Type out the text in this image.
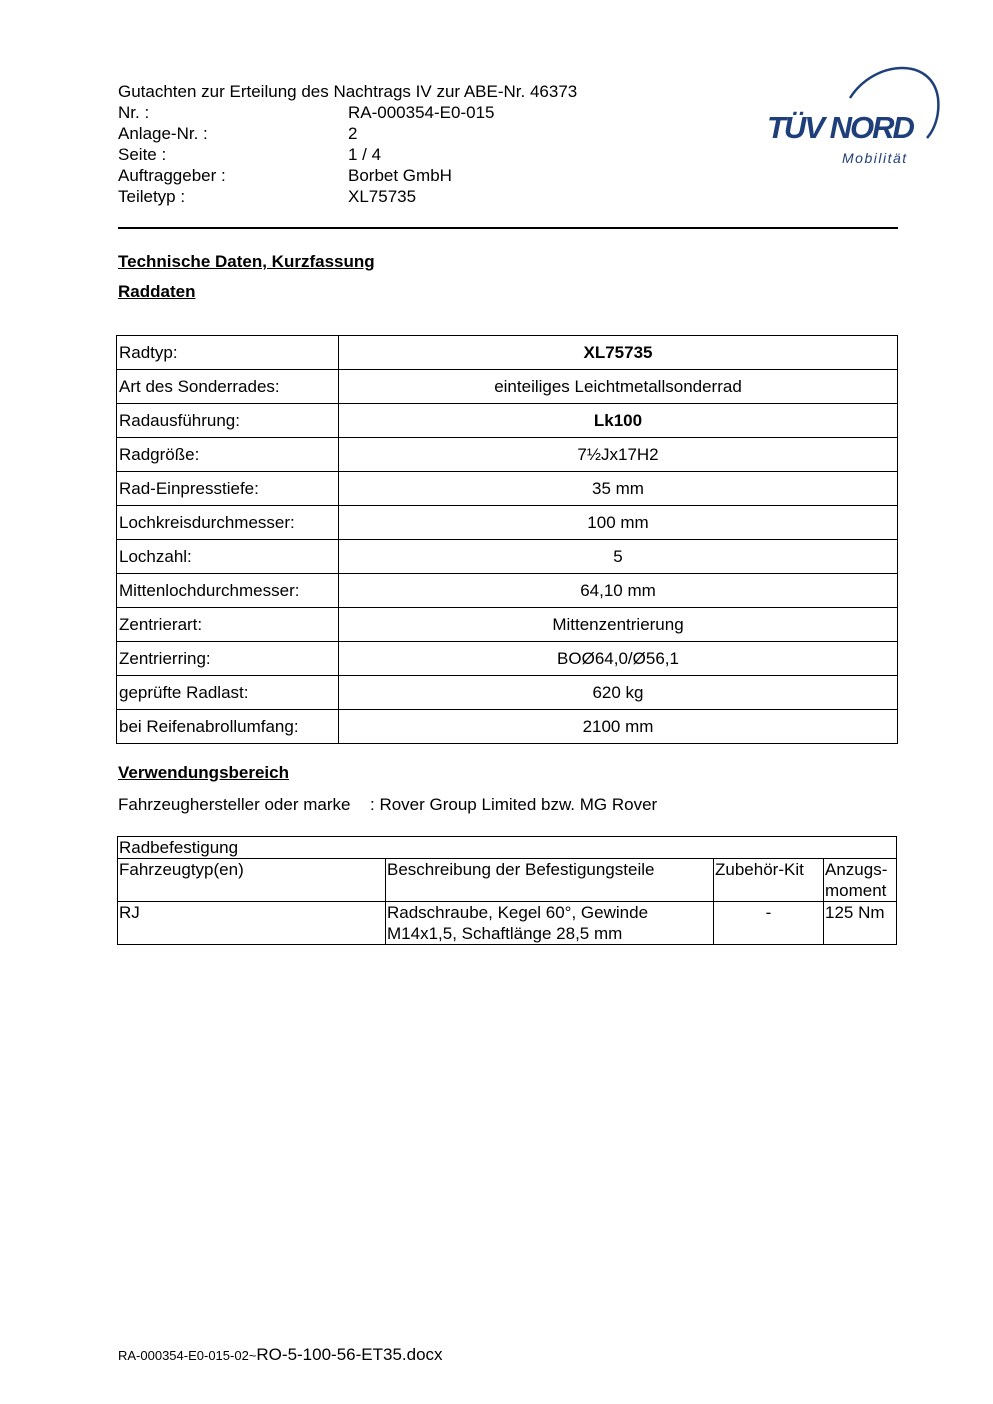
Gutachten zur Erteilung des Nachtrags IV zur ABE-Nr. 46373
Nr. :	RA-000354-E0-015
Anlage-Nr. :	2
Seite :	1 / 4
Auftraggeber :	Borbet GmbH
Teiletyp :	XL75735
TÜV NORD
Mobilität
Technische Daten, Kurzfassung
Raddaten
Radtyp:	XL75735
Art des Sonderrades:	einteiliges Leichtmetallsonderrad
Radausführung:	Lk100
Radgröße:	7½Jx17H2
Rad-Einpresstiefe:	35 mm
Lochkreisdurchmesser:	100 mm
Lochzahl:	5
Mittenlochdurchmesser:	64,10 mm
Zentrierart:	Mittenzentrierung
Zentrierring:	BOØ64,0/Ø56,1
geprüfte Radlast:	620 kg
bei Reifenabrollumfang:	2100 mm
Verwendungsbereich
Fahrzeughersteller oder marke	: Rover Group Limited bzw. MG Rover
Radbefestigung			
Fahrzeugtyp(en)	Beschreibung der Befestigungsteile	Zubehör-Kit	Anzugs-
moment
RJ	Radschraube, Kegel 60°, Gewinde M14x1,5, Schaftlänge 28,5 mm	-	125 Nm
RA-000354-E0-015-02~RO-5-100-56-ET35.docx
